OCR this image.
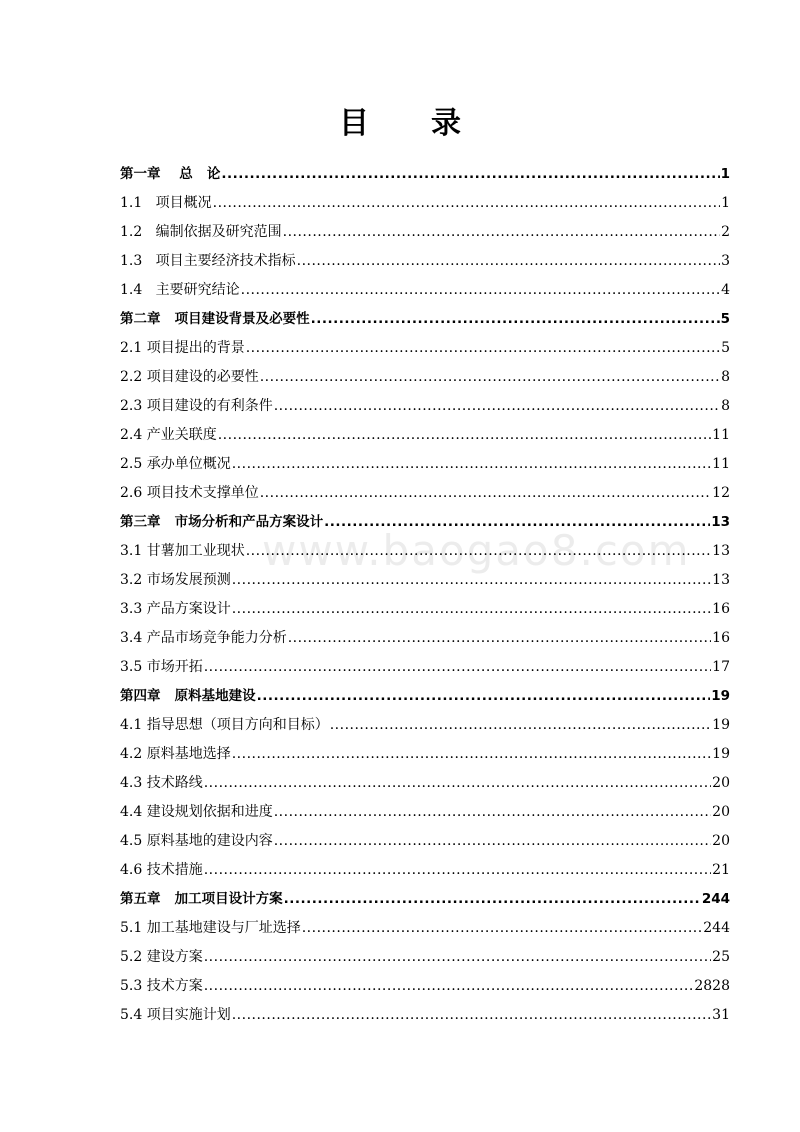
目 录
www.baogao8.com
第一章    总   论 .....	1
1.1   项目概况 .....	1
1.2   编制依据及研究范围 .....	2
1.3   项目主要经济技术指标 .....	3
1.4   主要研究结论 .....	4
第二章   项目建设背景及必要性 .....	5
2.1 项目提出的背景 .....	5
2.2 项目建设的必要性 .....	8
2.3 项目建设的有利条件 .....	8
2.4 产业关联度 .....	11
2.5 承办单位概况 .....	11
2.6 项目技术支撑单位 .....	12
第三章   市场分析和产品方案设计 .....	13
3.1 甘薯加工业现状 .....	13
3.2 市场发展预测 .....	13
3.3 产品方案设计 .....	16
3.4 产品市场竞争能力分析 .....	16
3.5 市场开拓 .....	17
第四章   原料基地建设 .....	19
4.1 指导思想（项目方向和目标） .....	19
4.2 原料基地选择 .....	19
4.3 技术路线 .....	20
4.4 建设规划依据和进度 .....	20
4.5 原料基地的建设内容 .....	20
4.6 技术措施 .....	21
第五章   加工项目设计方案 .....	244
5.1 加工基地建设与厂址选择 .....	244
5.2 建设方案 .....	25
5.3 技术方案 .....	2828
5.4 项目实施计划 .....	31
